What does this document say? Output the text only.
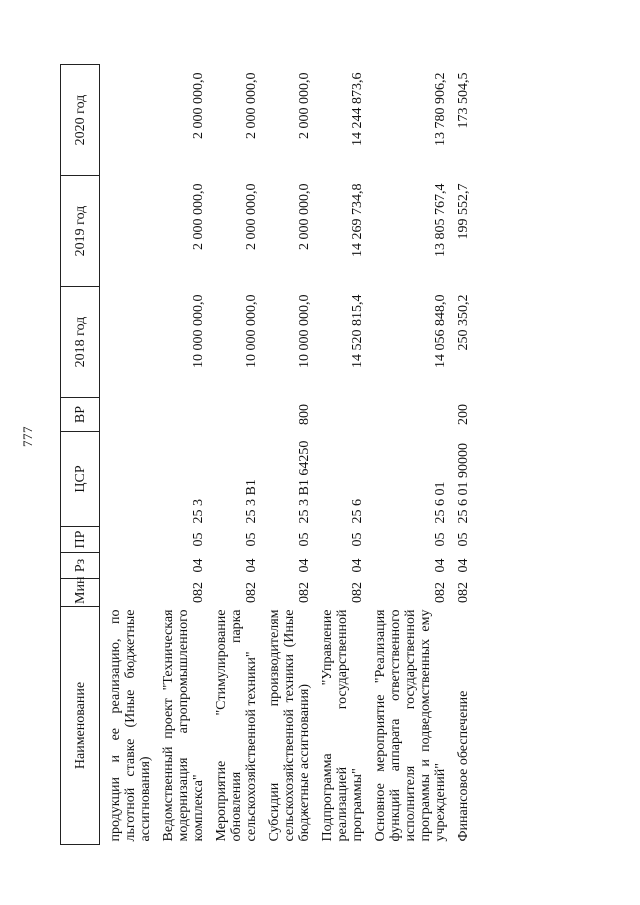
777
Наименование	Мин	Рз	ПР	ЦСР	ВР	2018 год	2019 год	2020 год

продукции и ее реализацию, по льготной ставке (Иные бюджетные ассигнования)								

Ведомственный проект "Техническая модернизация агропромышленного комплекса"	082	04	05	25 3		10 000 000,0	2 000 000,0	2 000 000,0

Мероприятие "Стимулирование обновления парка сельскохозяйственной техники"	082	04	05	25 3 B1		10 000 000,0	2 000 000,0	2 000 000,0

Субсидии производителям сельскохозяйственной техники (Иные бюджетные ассигнования)	082	04	05	25 3 B1 64250	800	10 000 000,0	2 000 000,0	2 000 000,0

Подпрограмма "Управление реализацией государственной программы"	082	04	05	25 6		14 520 815,4	14 269 734,8	14 244 873,6

Основное мероприятие "Реализация функций аппарата ответственного исполнителя государственной программы и подведомственных ему учреждений"	082	04	05	25 6 01		14 056 848,0	13 805 767,4	13 780 906,2

Финансовое обеспечение	082	04	05	25 6 01 90000	200	250 350,2	199 552,7	173 504,5
